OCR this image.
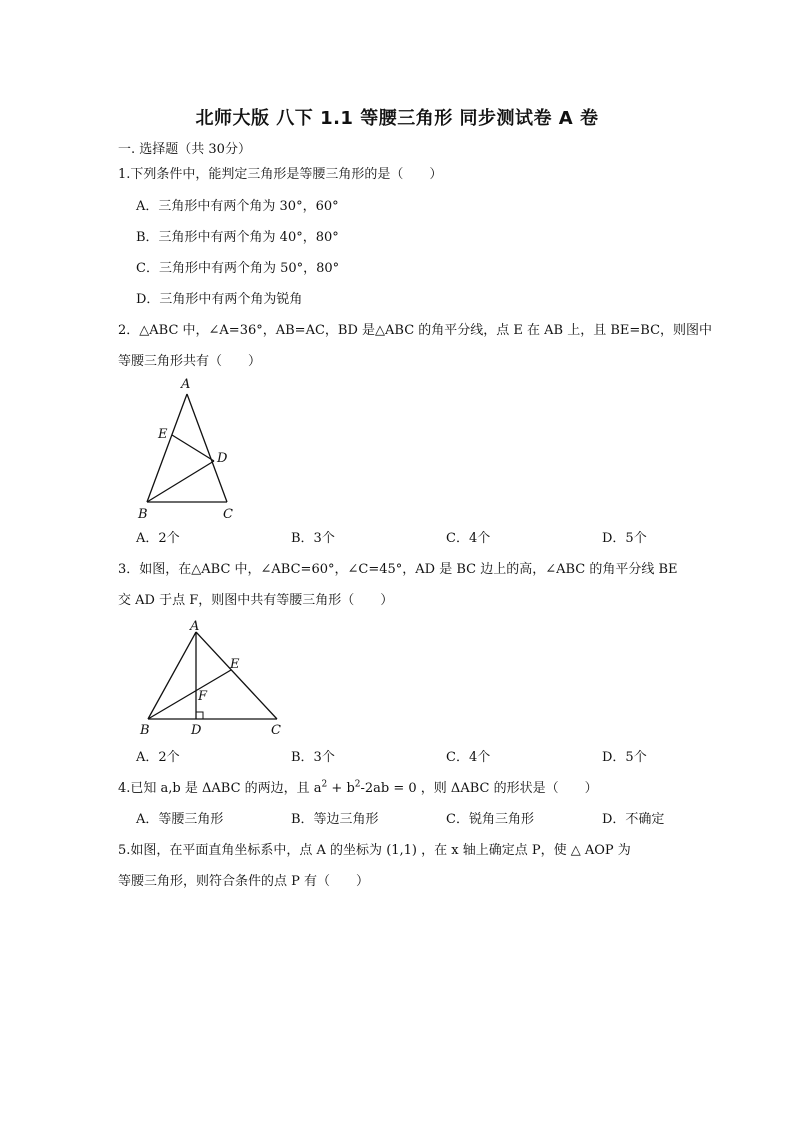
北师大版 八下 1.1 等腰三角形 同步测试卷 A 卷
一. 选择题（共 30分）
1.下列条件中，能判定三角形是等腰三角形的是（　　）
A．三角形中有两个角为 30°，60°
B．三角形中有两个角为 40°，80°
C．三角形中有两个角为 50°，80°
D．三角形中有两个角为锐角
2．△ABC 中，∠A=36°，AB=AC，BD 是△ABC 的角平分线，点 E 在 AB 上，且 BE=BC，则图中
等腰三角形共有（　　）
A
E
D
B	C
A．2个	B．3个	C．4个	D．5个
3．如图，在△ABC 中，∠ABC=60°，∠C=45°，AD 是 BC 边上的高，∠ABC 的角平分线 BE
交 AD 于点 F，则图中共有等腰三角形（　　）
A
E
F
B	D	C
A．2个	B．3个	C．4个	D．5个
4.已知 a,b 是 ΔABC 的两边，且 $a^2 + b^2-2ab = 0$ ，则 ΔABC 的形状是（　　）
A．等腰三角形	B．等边三角形	C．锐角三角形	D．不确定
5.如图，在平面直角坐标系中，点 A 的坐标为 (1,1) ，在 x 轴上确定点 P，使 △ AOP 为
等腰三角形，则符合条件的点 P 有（　　）
